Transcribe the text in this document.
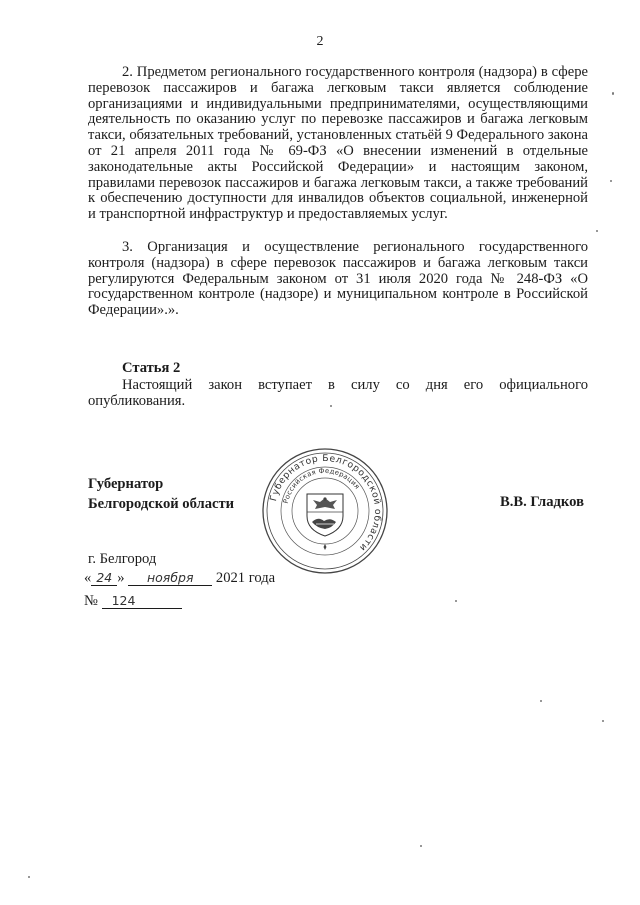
2

2. Предметом регионального государственного контроля (надзора) в сфере перевозок пассажиров и багажа легковым такси является соблюдение организациями и индивидуальными предпринимателями, осуществляющими деятельность по оказанию услуг по перевозке пассажиров и багажа легковым такси, обязательных требований, установленных статьёй 9 Федерального закона от 21 апреля 2011 года № 69-ФЗ «О внесении изменений в отдельные законодательные акты Российской Федерации» и настоящим законом, правилами перевозок пассажиров и багажа легковым такси, а также требований к обеспечению доступности для инвалидов объектов социальной, инженерной и транспортной инфраструктур и предоставляемых услуг.

3. Организация и осуществление регионального государственного контроля (надзора) в сфере перевозок пассажиров и багажа легковым такси регулируются Федеральным законом от 31 июля 2020 года № 248-ФЗ «О государственном контроле (надзоре) и муниципальном контроле в Российской Федерации».».

Статья 2

Настоящий закон вступает в силу со дня его официального опубликования.

Губернатор
Белгородской области	Губернатор Белгородской области
Российская Федерация
В.В. Гладков
г. Белгород
« 24 » ноября 2021 года
№ 124
